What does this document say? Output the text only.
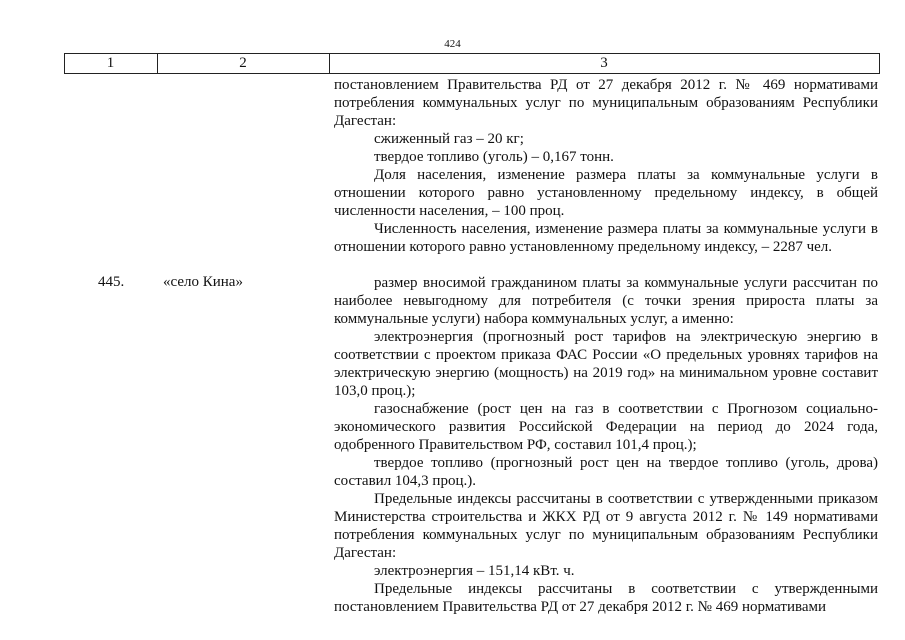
424
1	2	3

постановлением Правительства РД от 27 декабря 2012 г. № 469 нормативами потребления коммунальных услуг по муниципальным образованиям Республики Дагестан:

сжиженный газ – 20 кг;

твердое топливо (уголь) – 0,167 тонн.

Доля населения, изменение размера платы за коммунальные услуги в отношении которого равно установленному предельному индексу, в общей численности населения, – 100 проц.

Численность населения, изменение размера платы за коммунальные услуги в отношении которого равно установленному предельному индексу, – 2287 чел.

445.	«село Кина»	размер вносимой гражданином платы за коммунальные услуги рассчитан по наиболее невыгодному для потребителя (с точки зрения прироста платы за коммунальные услуги) набора коммунальных услуг, а именно:

электроэнергия (прогнозный рост тарифов на электрическую энергию в соответствии с проектом приказа ФАС России «О предельных уровнях тарифов на электрическую энергию (мощность) на 2019 год» на минимальном уровне составит 103,0 проц.);

газоснабжение (рост цен на газ в соответствии с Прогнозом социально-экономического развития Российской Федерации на период до 2024 года, одобренного Правительством РФ, составил 101,4 проц.);

твердое топливо (прогнозный рост цен на твердое топливо (уголь, дрова) составил 104,3 проц.).

Предельные индексы рассчитаны в соответствии с утвержденными приказом Министерства строительства и ЖКХ РД от 9 августа 2012 г. № 149 нормативами потребления коммунальных услуг по муниципальным образованиям Республики Дагестан:

электроэнергия – 151,14 кВт. ч.

Предельные индексы рассчитаны в соответствии с утвержденными постановлением Правительства РД от 27 декабря 2012 г. № 469 нормативами
